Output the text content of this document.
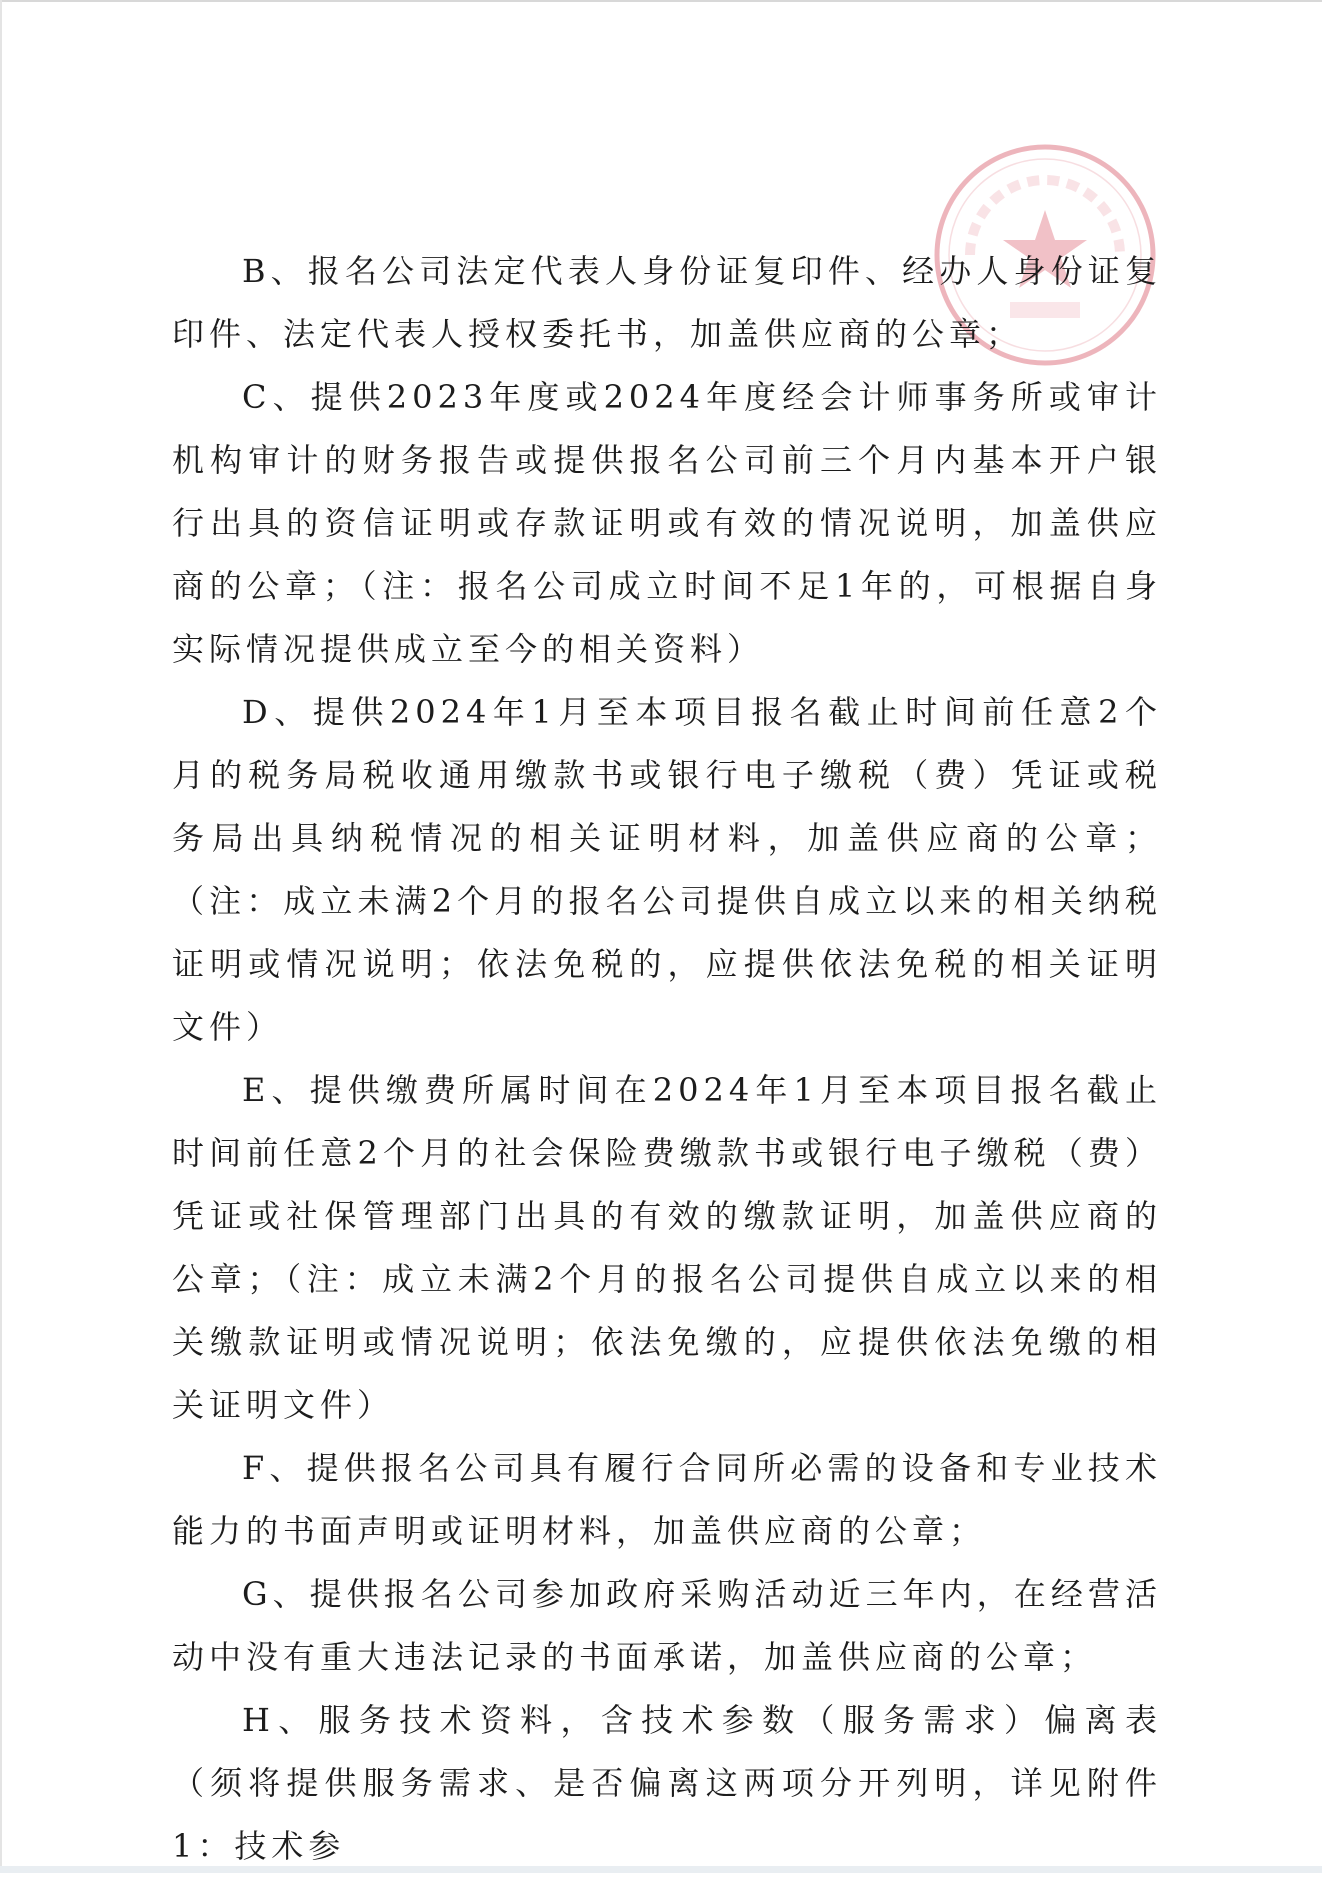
B、报名公司法定代表人身份证复印件、经办人身份证复印件、法定代表人授权委托书，加盖供应商的公章；

C、提供2023年度或2024年度经会计师事务所或审计机构审计的财务报告或提供报名公司前三个月内基本开户银行出具的资信证明或存款证明或有效的情况说明，加盖供应商的公章；（注：报名公司成立时间不足1年的，可根据自身实际情况提供成立至今的相关资料）

D、提供2024年1月至本项目报名截止时间前任意2个月的税务局税收通用缴款书或银行电子缴税（费）凭证或税务局出具纳税情况的相关证明材料，加盖供应商的公章；（注：成立未满2个月的报名公司提供自成立以来的相关纳税证明或情况说明；依法免税的，应提供依法免税的相关证明文件）

E、提供缴费所属时间在2024年1月至本项目报名截止时间前任意2个月的社会保险费缴款书或银行电子缴税（费）凭证或社保管理部门出具的有效的缴款证明，加盖供应商的公章；（注：成立未满2个月的报名公司提供自成立以来的相关缴款证明或情况说明；依法免缴的，应提供依法免缴的相关证明文件）

F、提供报名公司具有履行合同所必需的设备和专业技术能力的书面声明或证明材料，加盖供应商的公章；

G、提供报名公司参加政府采购活动近三年内，在经营活动中没有重大违法记录的书面承诺，加盖供应商的公章；

H、服务技术资料，含技术参数（服务需求）偏离表（须将提供服务需求、是否偏离这两项分开列明，详见附件1：技术参
